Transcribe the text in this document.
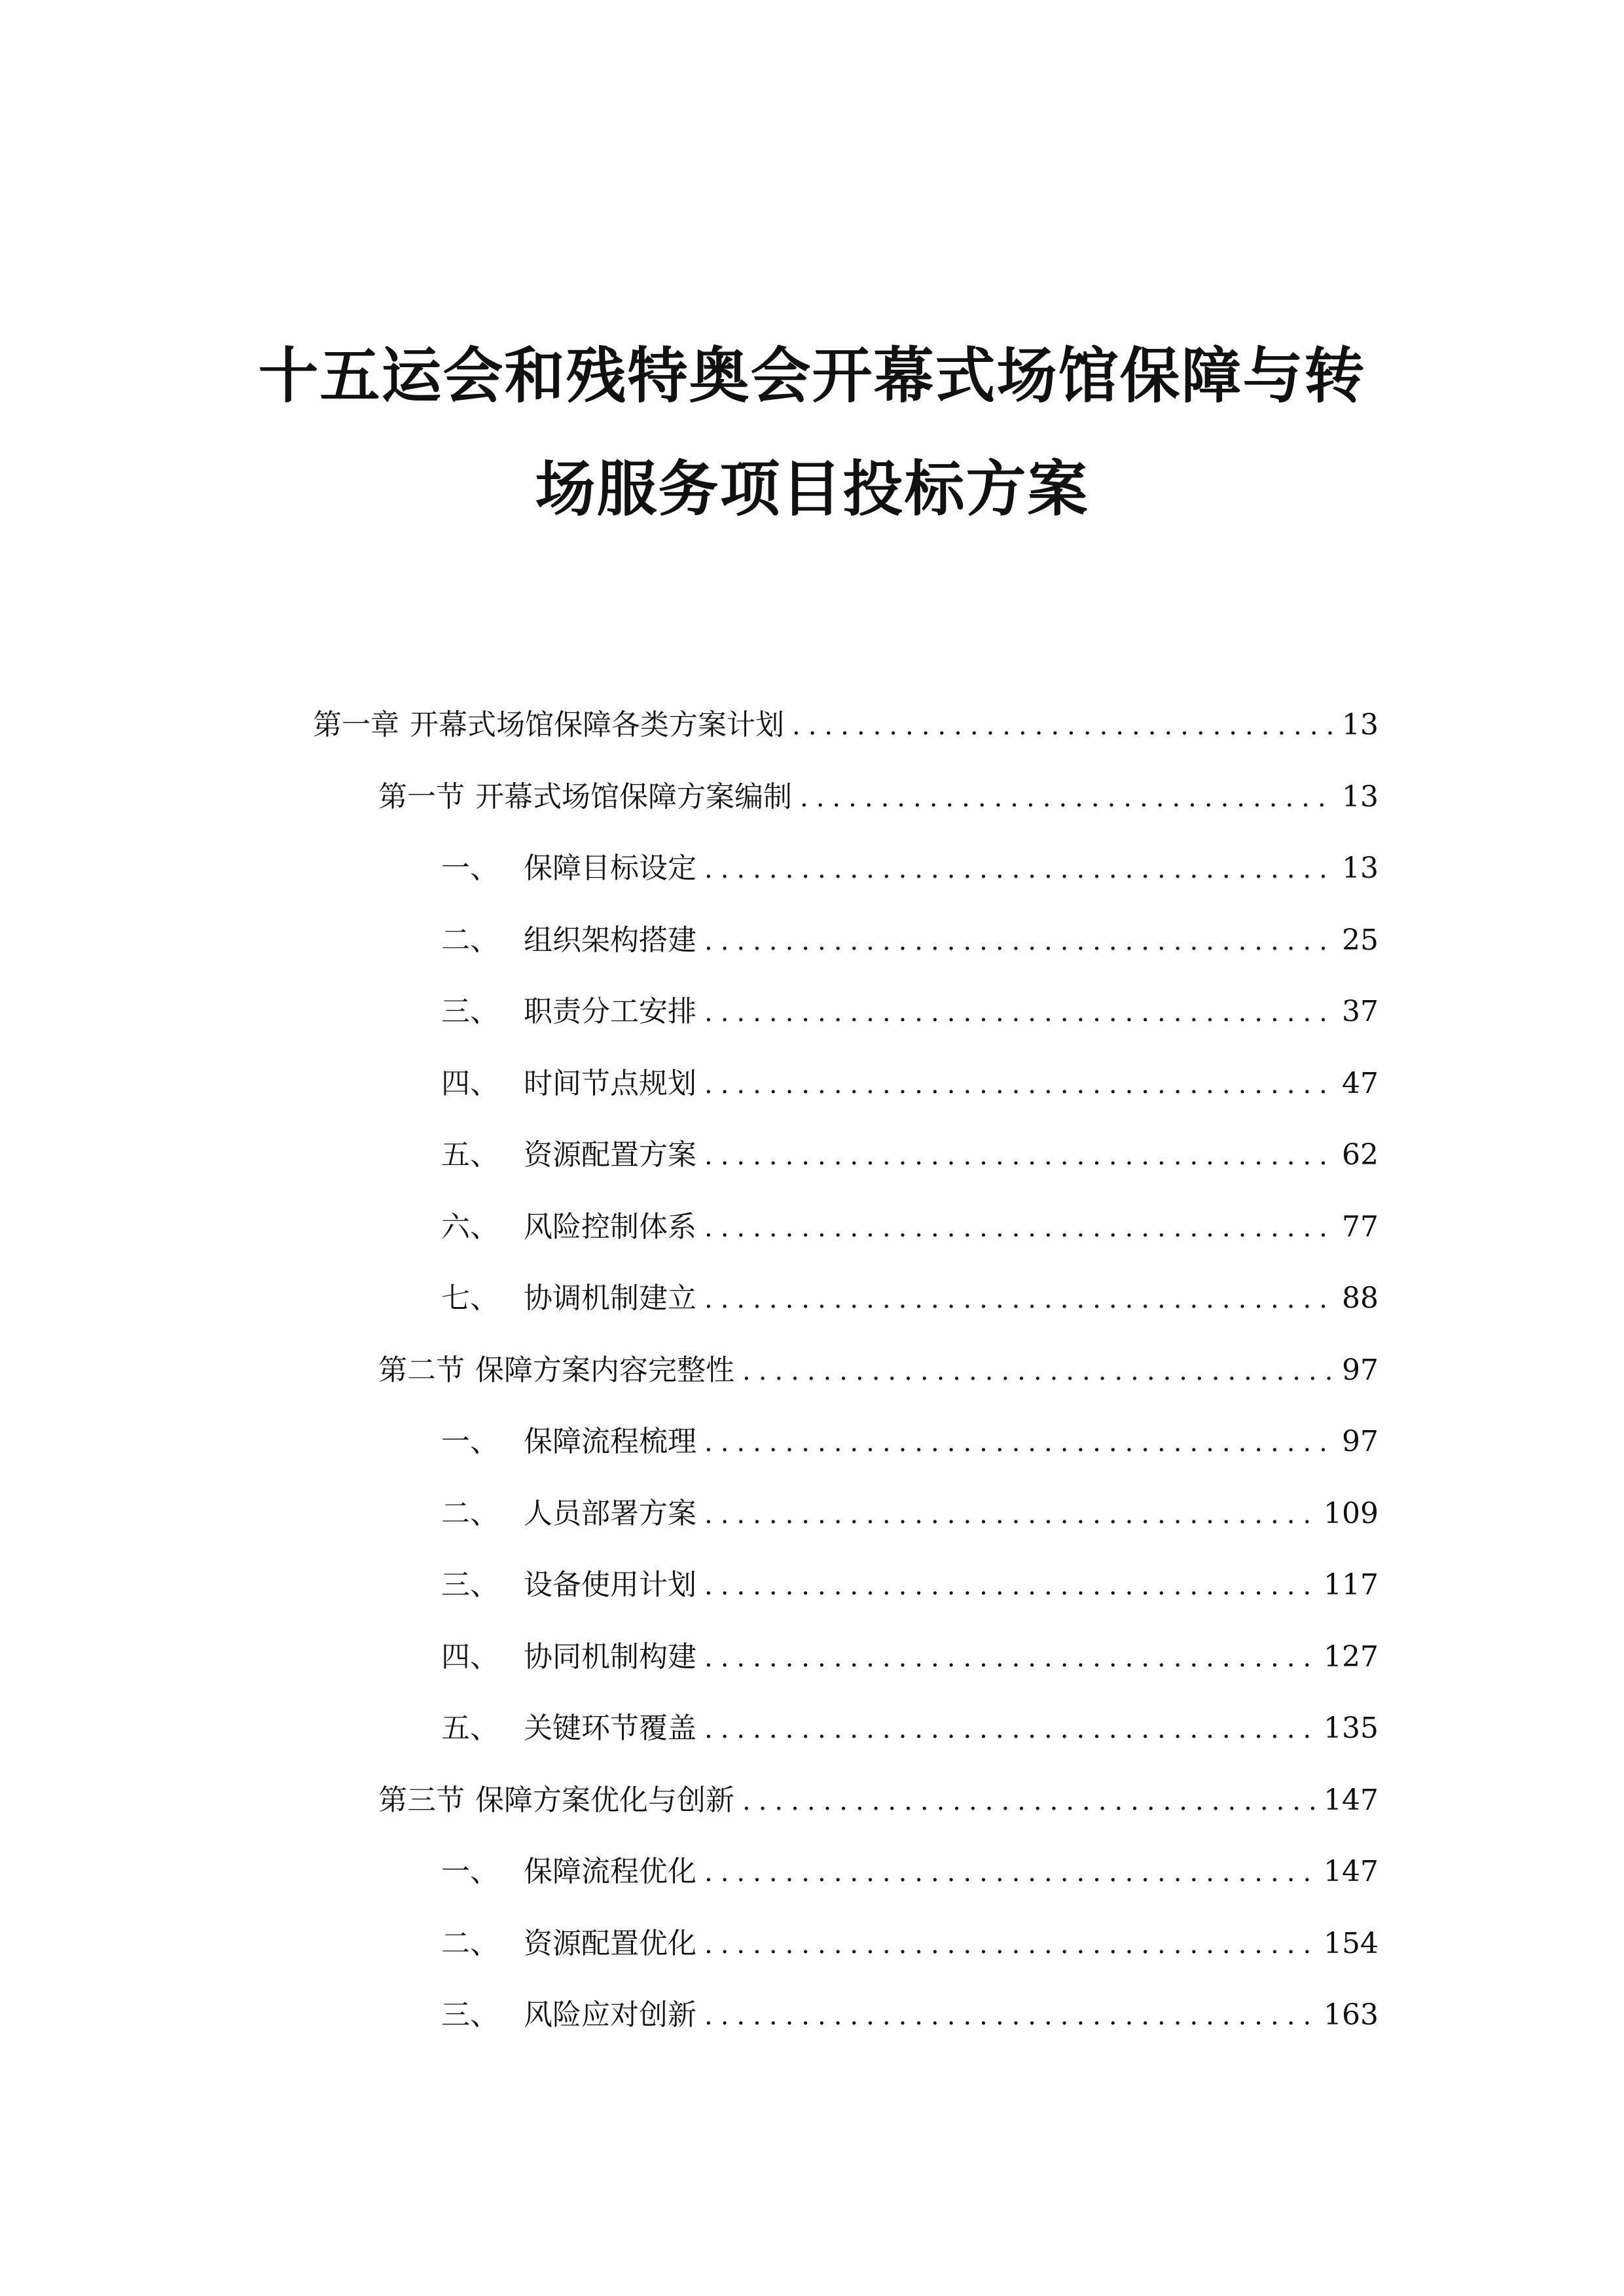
十五运会和残特奥会开幕式场馆保障与转
场服务项目投标方案
第一章 开幕式场馆保障各类方案计划 .....	13
第一节 开幕式场馆保障方案编制 .....	13
一、 保障目标设定 .....	13
二、 组织架构搭建 .....	25
三、 职责分工安排 .....	37
四、 时间节点规划 .....	47
五、 资源配置方案 .....	62
六、 风险控制体系 .....	77
七、 协调机制建立 .....	88
第二节 保障方案内容完整性 .....	97
一、 保障流程梳理 .....	97
二、 人员部署方案 .....	109
三、 设备使用计划 .....	117
四、 协同机制构建 .....	127
五、 关键环节覆盖 .....	135
第三节 保障方案优化与创新 .....	147
一、 保障流程优化 .....	147
二、 资源配置优化 .....	154
三、 风险应对创新 .....	163
